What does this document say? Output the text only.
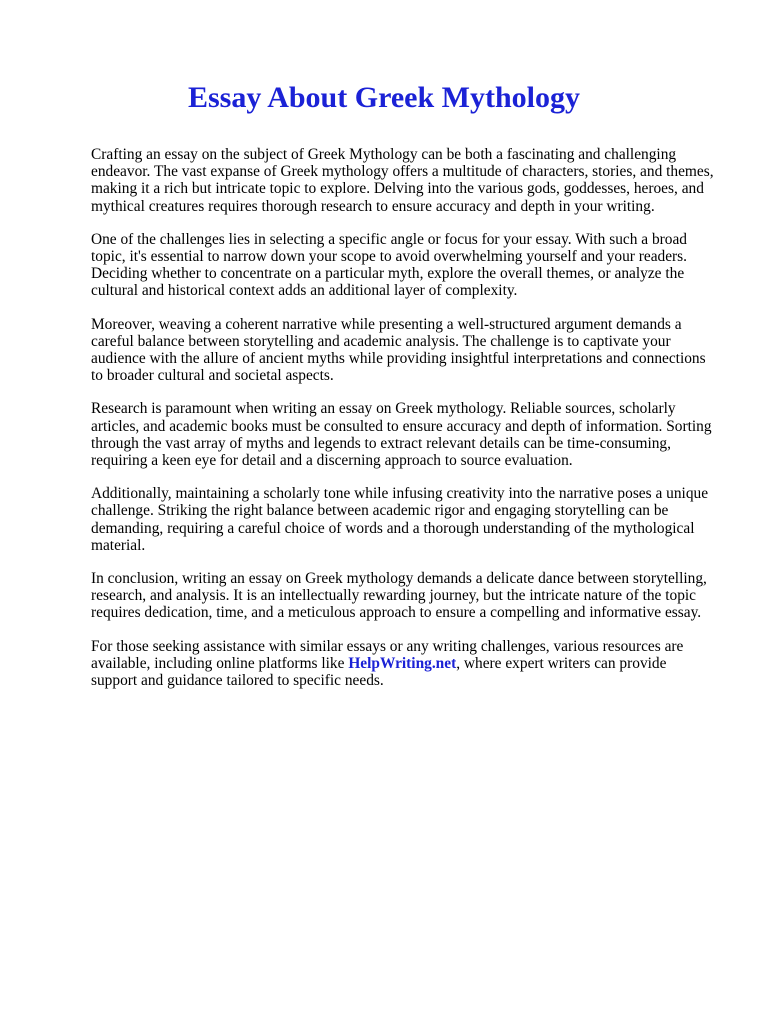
Essay About Greek Mythology

Crafting an essay on the subject of Greek Mythology can be both a fascinating and challenging endeavor. The vast expanse of Greek mythology offers a multitude of characters, stories, and themes, making it a rich but intricate topic to explore. Delving into the various gods, goddesses, heroes, and mythical creatures requires thorough research to ensure accuracy and depth in your writing.

One of the challenges lies in selecting a specific angle or focus for your essay. With such a broad topic, it's essential to narrow down your scope to avoid overwhelming yourself and your readers. Deciding whether to concentrate on a particular myth, explore the overall themes, or analyze the cultural and historical context adds an additional layer of complexity.

Moreover, weaving a coherent narrative while presenting a well-structured argument demands a careful balance between storytelling and academic analysis. The challenge is to captivate your audience with the allure of ancient myths while providing insightful interpretations and connections to broader cultural and societal aspects.

Research is paramount when writing an essay on Greek mythology. Reliable sources, scholarly articles, and academic books must be consulted to ensure accuracy and depth of information. Sorting through the vast array of myths and legends to extract relevant details can be time-consuming, requiring a keen eye for detail and a discerning approach to source evaluation.

Additionally, maintaining a scholarly tone while infusing creativity into the narrative poses a unique challenge. Striking the right balance between academic rigor and engaging storytelling can be demanding, requiring a careful choice of words and a thorough understanding of the mythological material.

In conclusion, writing an essay on Greek mythology demands a delicate dance between storytelling, research, and analysis. It is an intellectually rewarding journey, but the intricate nature of the topic requires dedication, time, and a meticulous approach to ensure a compelling and informative essay.

For those seeking assistance with similar essays or any writing challenges, various resources are available, including online platforms like HelpWriting.net, where expert writers can provide support and guidance tailored to specific needs.
